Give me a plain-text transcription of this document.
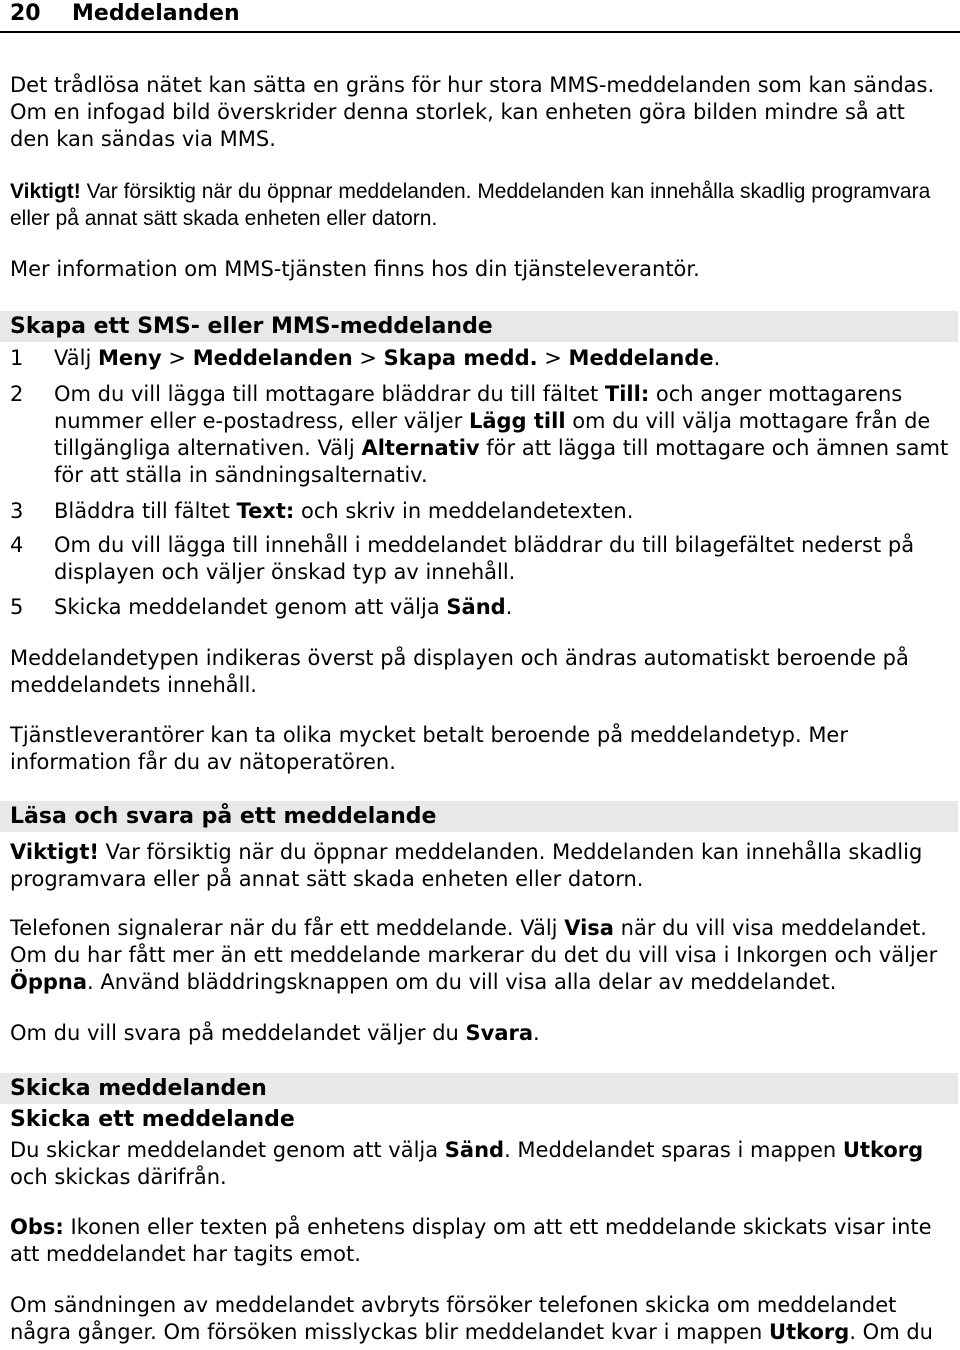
20 Meddelanden

Det trådlösa nätet kan sätta en gräns för hur stora MMS-meddelanden som kan sändas. Om en infogad bild överskrider denna storlek, kan enheten göra bilden mindre så att den kan sändas via MMS.

Viktigt! Var försiktig när du öppnar meddelanden. Meddelanden kan innehålla skadlig programvara eller på annat sätt skada enheten eller datorn.

Mer information om MMS-tjänsten finns hos din tjänsteleverantör.

Skapa ett SMS- eller MMS-meddelande
1 Välj Meny > Meddelanden > Skapa medd. > Meddelande.
2 Om du vill lägga till mottagare bläddrar du till fältet Till: och anger mottagarens nummer eller e-postadress, eller väljer Lägg till om du vill välja mottagare från de tillgängliga alternativen. Välj Alternativ för att lägga till mottagare och ämnen samt för att ställa in sändningsalternativ.
3 Bläddra till fältet Text: och skriv in meddelandetexten.
4 Om du vill lägga till innehåll i meddelandet bläddrar du till bilagefältet nederst på displayen och väljer önskad typ av innehåll.
5 Skicka meddelandet genom att välja Sänd.

Meddelandetypen indikeras överst på displayen och ändras automatiskt beroende på meddelandets innehåll.

Tjänstleverantörer kan ta olika mycket betalt beroende på meddelandetyp. Mer information får du av nätoperatören.

Läsa och svara på ett meddelande

Viktigt! Var försiktig när du öppnar meddelanden. Meddelanden kan innehålla skadlig programvara eller på annat sätt skada enheten eller datorn.

Telefonen signalerar när du får ett meddelande. Välj Visa när du vill visa meddelandet. Om du har fått mer än ett meddelande markerar du det du vill visa i Inkorgen och väljer Öppna. Använd bläddringsknappen om du vill visa alla delar av meddelandet.

Om du vill svara på meddelandet väljer du Svara.

Skicka meddelanden
Skicka ett meddelande

Du skickar meddelandet genom att välja Sänd. Meddelandet sparas i mappen Utkorg och skickas därifrån.

Obs: Ikonen eller texten på enhetens display om att ett meddelande skickats visar inte att meddelandet har tagits emot.

Om sändningen av meddelandet avbryts försöker telefonen skicka om meddelandet några gånger. Om försöken misslyckas blir meddelandet kvar i mappen Utkorg. Om du
